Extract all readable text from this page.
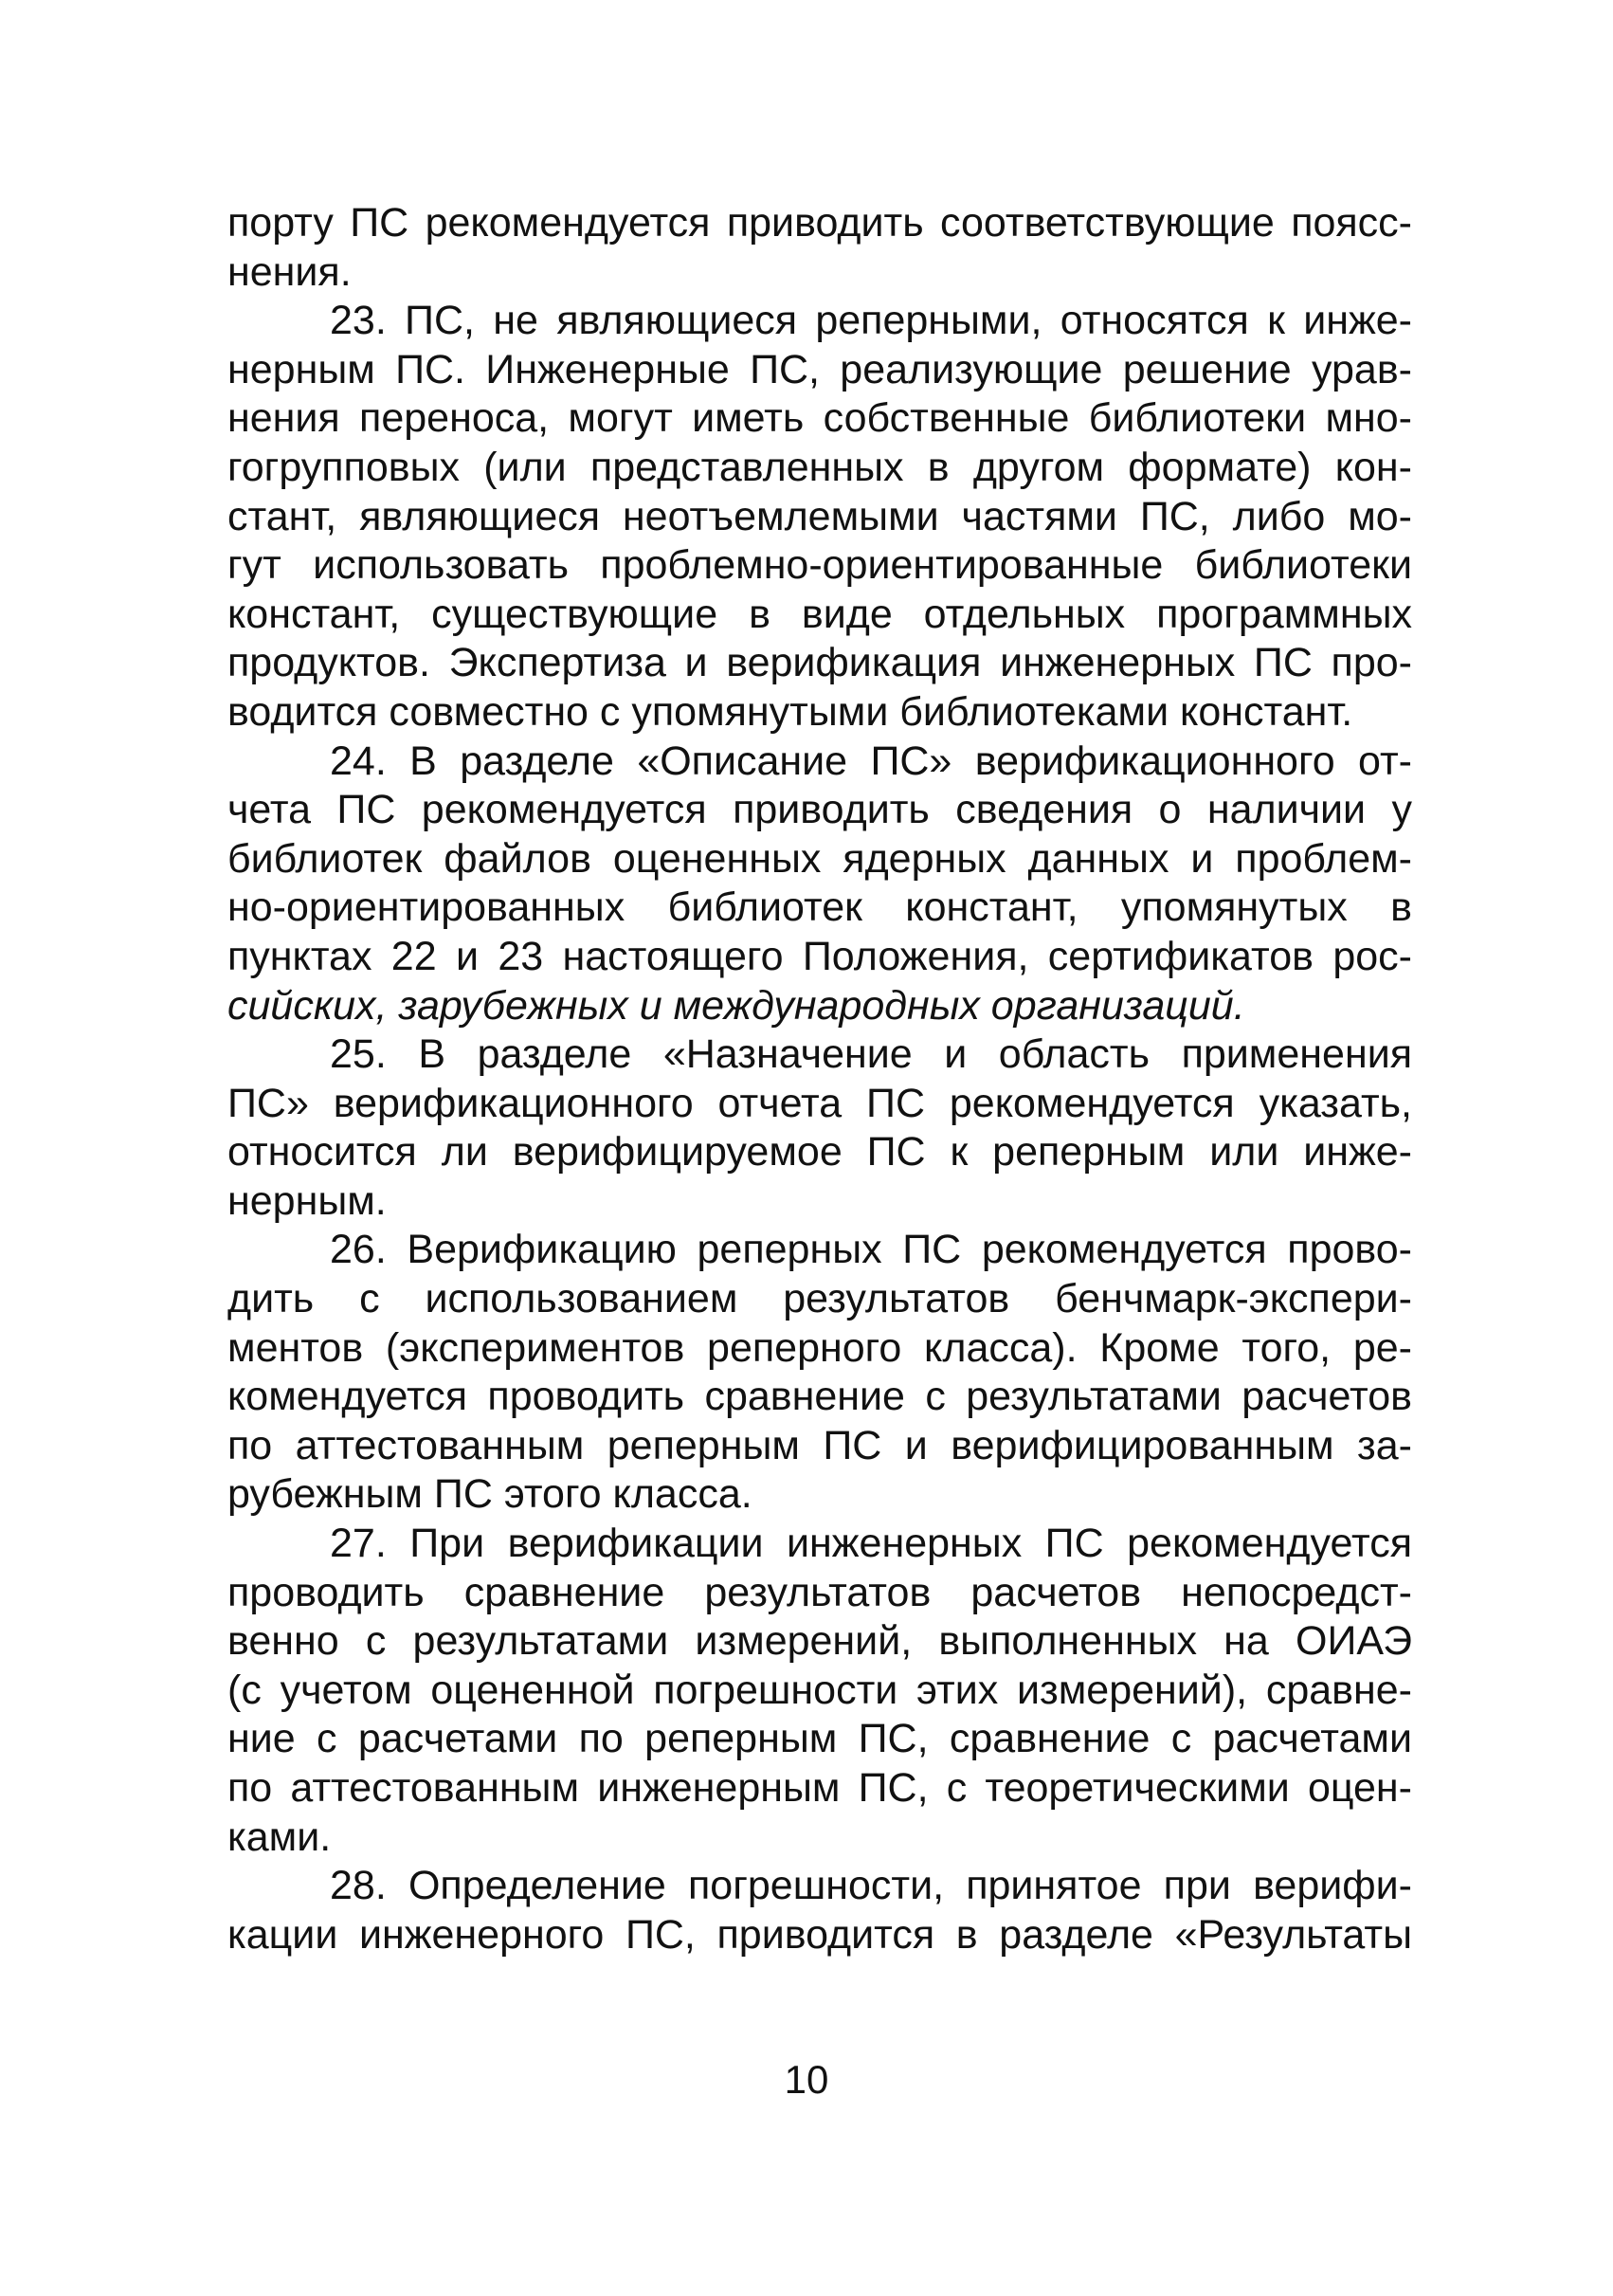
порту ПС рекомендуется приводить соответствующие поясс-
нения.
23. ПС, не являющиеся реперными, относятся к инже-
нерным ПС. Инженерные ПС, реализующие решение урав-
нения переноса, могут иметь собственные библиотеки мно-
гогрупповых (или представленных в другом формате) кон-
стант, являющиеся неотъемлемыми частями ПС, либо мо-
гут использовать проблемно-ориентированные библиотеки
констант, существующие в виде отдельных программных
продуктов. Экспертиза и верификация инженерных ПС про-
водится совместно с упомянутыми библиотеками констант.
24. В разделе «Описание ПС» верификационного от-
чета ПС рекомендуется приводить сведения о наличии у
библиотек файлов оцененных ядерных данных и проблем-
но-ориентированных библиотек констант, упомянутых в
пунктах 22 и 23 настоящего Положения, сертификатов рос-
сийских, зарубежных и международных организаций.
25. В разделе «Назначение и область применения
ПС» верификационного отчета ПС рекомендуется указать,
относится ли верифицируемое ПС к реперным или инже-
нерным.
26. Верификацию реперных ПС рекомендуется прово-
дить с использованием результатов бенчмарк-экспери-
ментов (экспериментов реперного класса). Кроме того, ре-
комендуется проводить сравнение с результатами расчетов
по аттестованным реперным ПС и верифицированным за-
рубежным ПС этого класса.
27. При верификации инженерных ПС рекомендуется
проводить сравнение результатов расчетов непосредст-
венно с результатами измерений, выполненных на ОИАЭ
(с учетом оцененной погрешности этих измерений), сравне-
ние с расчетами по реперным ПС, сравнение с расчетами
по аттестованным инженерным ПС, с теоретическими оцен-
ками.
28. Определение погрешности, принятое при верифи-
кации инженерного ПС, приводится в разделе «Результаты
10
